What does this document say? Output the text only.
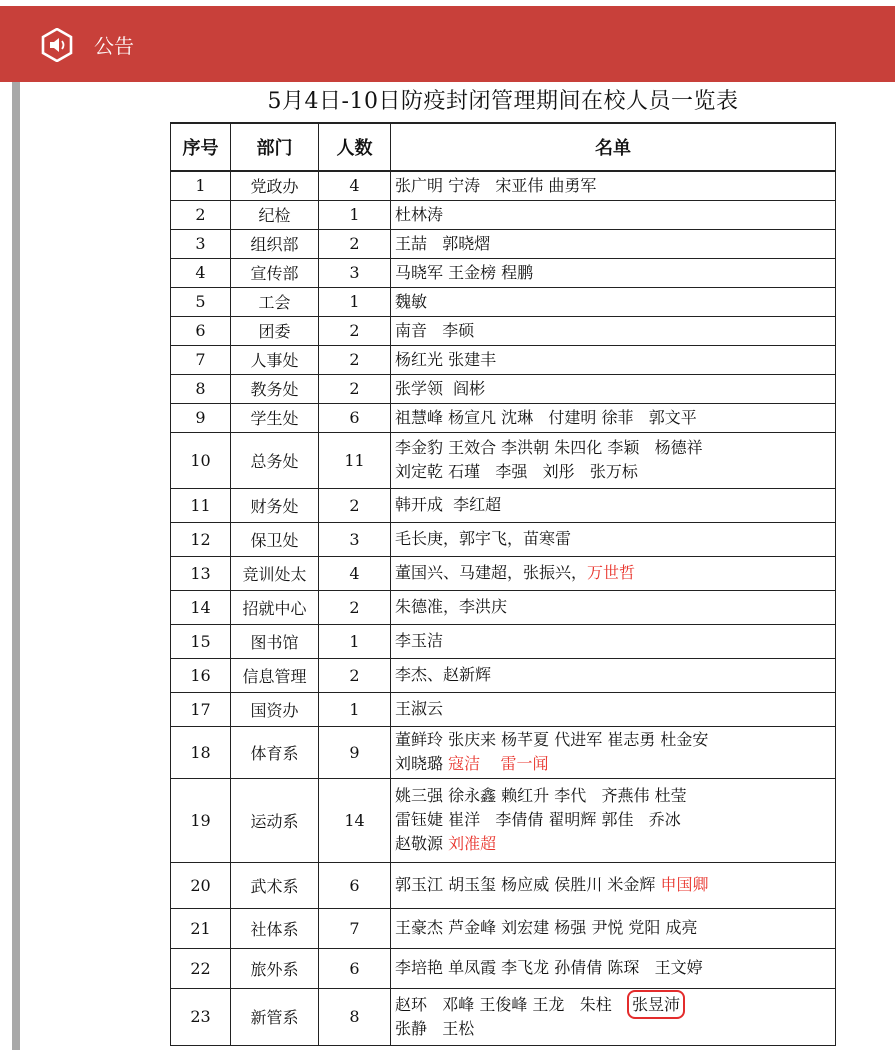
公告
5月4日-10日防疫封闭管理期间在校人员一览表
序号	部门	人数	名单
1	党政办	4	张广明 宁涛   宋亚伟 曲勇军

2	纪检	1	杜林涛

3	组织部	2	王喆   郭晓熠

4	宣传部	3	马晓军 王金榜 程鹏

5	工会	1	魏敏

6	团委	2	南音   李硕

7	人事处	2	杨红光 张建丰

8	教务处	2	张学领  阎彬

9	学生处	6	祖慧峰 杨宣凡 沈琳   付建明 徐菲   郭文平

10	总务处	11	李金豹 王效合 李洪朝 朱四化 李颖   杨德祥
刘定乾 石瑾   李强   刘彤   张万标

11	财务处	2	韩开成  李红超

12	保卫处	3	毛长庚，郭宇飞，苗寒雷

13	竞训处太	4	董国兴、马建超，张振兴，万世哲

14	招就中心	2	朱德准，李洪庆

15	图书馆	1	李玉洁

16	信息管理	2	李杰、赵新辉

17	国资办	1	王淑云

18	体育系	9	董鲜玲 张庆来 杨芊夏 代进军 崔志勇 杜金安
刘晓璐 寇洁    雷一闻

19	运动系	14	姚三强 徐永鑫 赖红升 李代   齐燕伟 杜莹
雷钰婕 崔洋   李倩倩 翟明辉 郭佳   乔冰
赵敬源 刘准超

20	武术系	6	郭玉江 胡玉玺 杨应威 侯胜川 米金辉 申国卿

21	社体系	7	王豪杰 芦金峰 刘宏建 杨强 尹悦 党阳 成亮

22	旅外系	6	李培艳 单凤霞 李飞龙 孙倩倩 陈琛   王文婷

23	新管系	8	赵环   邓峰 王俊峰 王龙   朱柱    张昱沛
张静   王松
